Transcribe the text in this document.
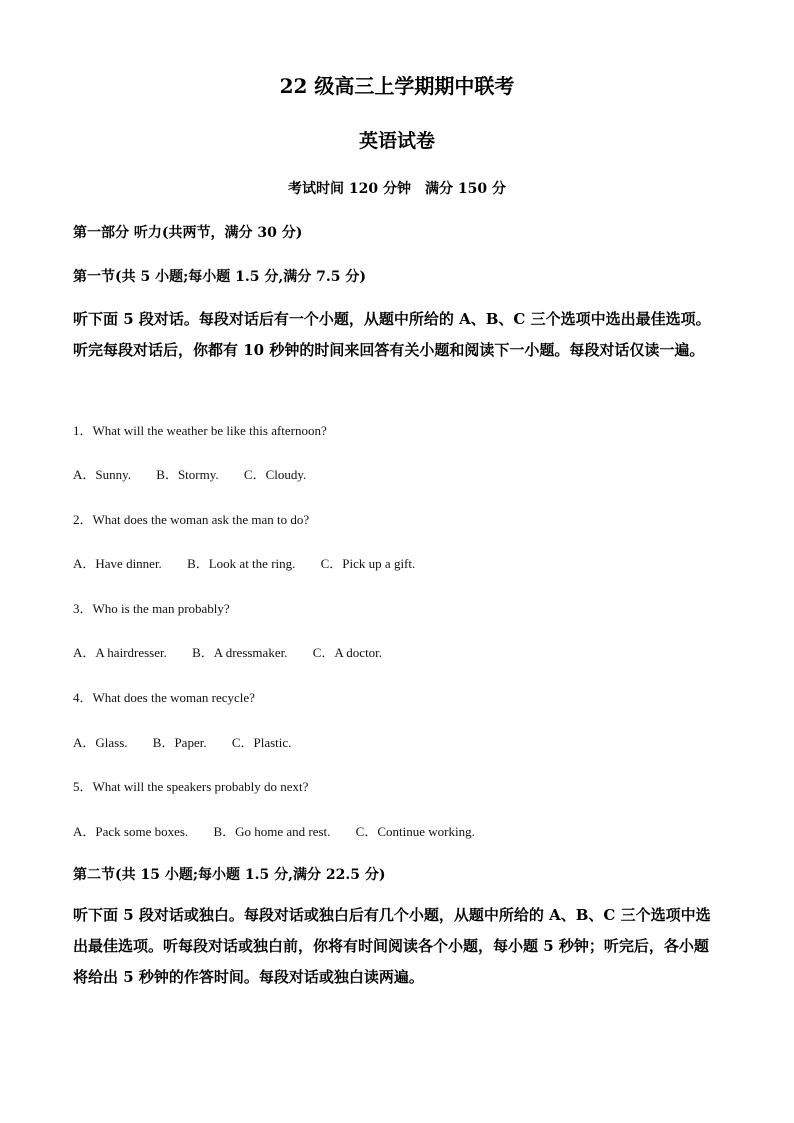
22 级高三上学期期中联考
英语试卷
考试时间 120 分钟　满分 150 分
第一部分 听力(共两节，满分 30 分)
第一节(共 5 小题;每小题 1.5 分,满分 7.5 分)
听下面 5 段对话。每段对话后有一个小题，从题中所给的 A、B、C 三个选项中选出最佳选项。听完每段对话后，你都有 10 秒钟的时间来回答有关小题和阅读下一小题。每段对话仅读一遍。
1．What will the weather be like this afternoon?
A．Sunny. B．Stormy. C．Cloudy.
2．What does the woman ask the man to do?
A．Have dinner. B．Look at the ring. C．Pick up a gift.
3．Who is the man probably?
A．A hairdresser. B．A dressmaker. C．A doctor.
4．What does the woman recycle?
A．Glass. B．Paper. C．Plastic.
5．What will the speakers probably do next?
A．Pack some boxes. B．Go home and rest. C．Continue working.
第二节(共 15 小题;每小题 1.5 分,满分 22.5 分)
听下面 5 段对话或独白。每段对话或独白后有几个小题，从题中所给的 A、B、C 三个选项中选出最佳选项。听每段对话或独白前，你将有时间阅读各个小题，每小题 5 秒钟；听完后，各小题将给出 5 秒钟的作答时间。每段对话或独白读两遍。
